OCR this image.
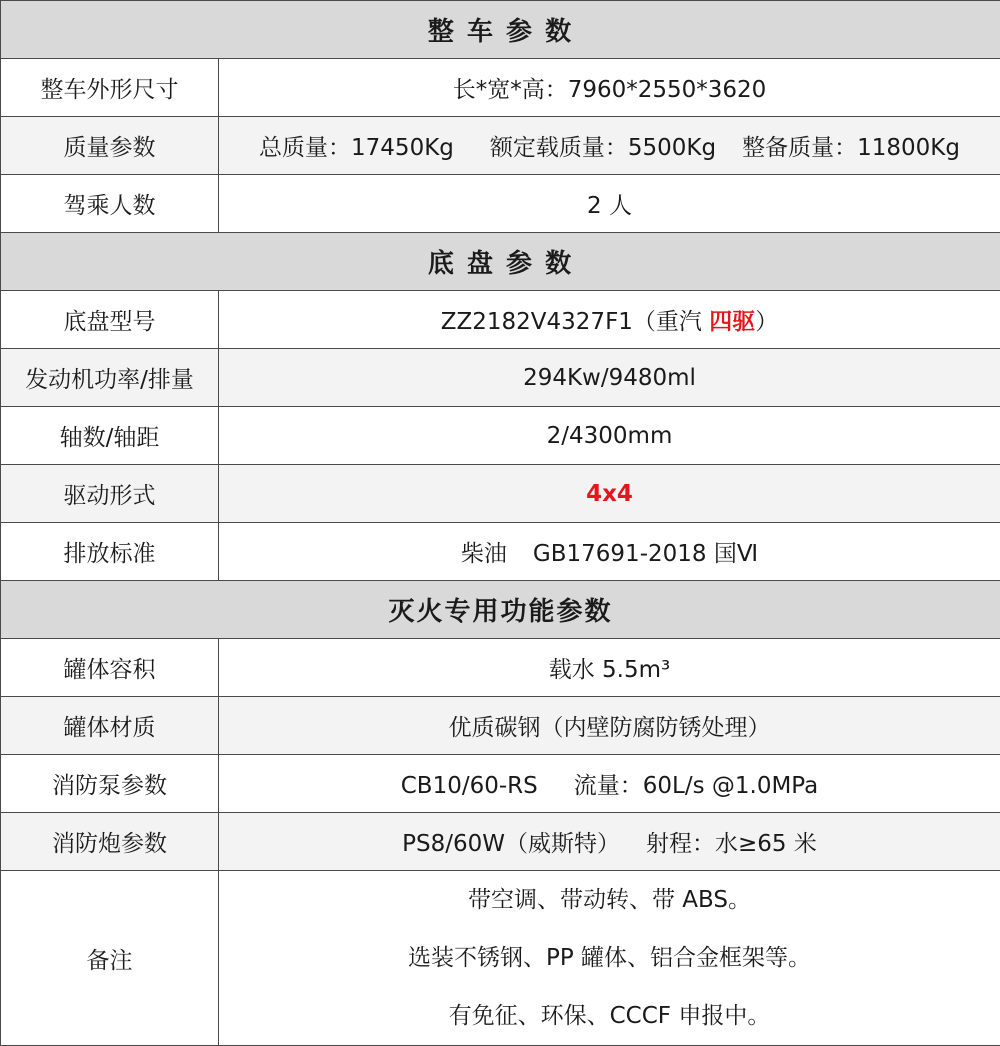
整 车 参 数	
整车外形尺寸	长*宽*高：7960*2550*3620
质量参数	总质量：17450Kg 额定载质量：5500Kg 整备质量：11800Kg
驾乘人数	2 人
底 盘 参 数	
底盘型号	ZZ2182V4327F1（重汽 四驱）
发动机功率/排量	294Kw/9480ml
轴数/轴距	2/4300mm
驱动形式	4x4
排放标准	柴油 GB17691-2018 国Ⅵ
灭火专用功能参数	
罐体容积	载水 5.5m³
罐体材质	优质碳钢（内壁防腐防锈处理）
消防泵参数	CB10/60-RS 流量：60L/s @1.0MPa
消防炮参数	PS8/60W（威斯特） 射程：水≥65 米
备注	带空调、带动转、带 ABS。
选装不锈钢、PP 罐体、铝合金框架等。
有免征、环保、CCCF 申报中。
